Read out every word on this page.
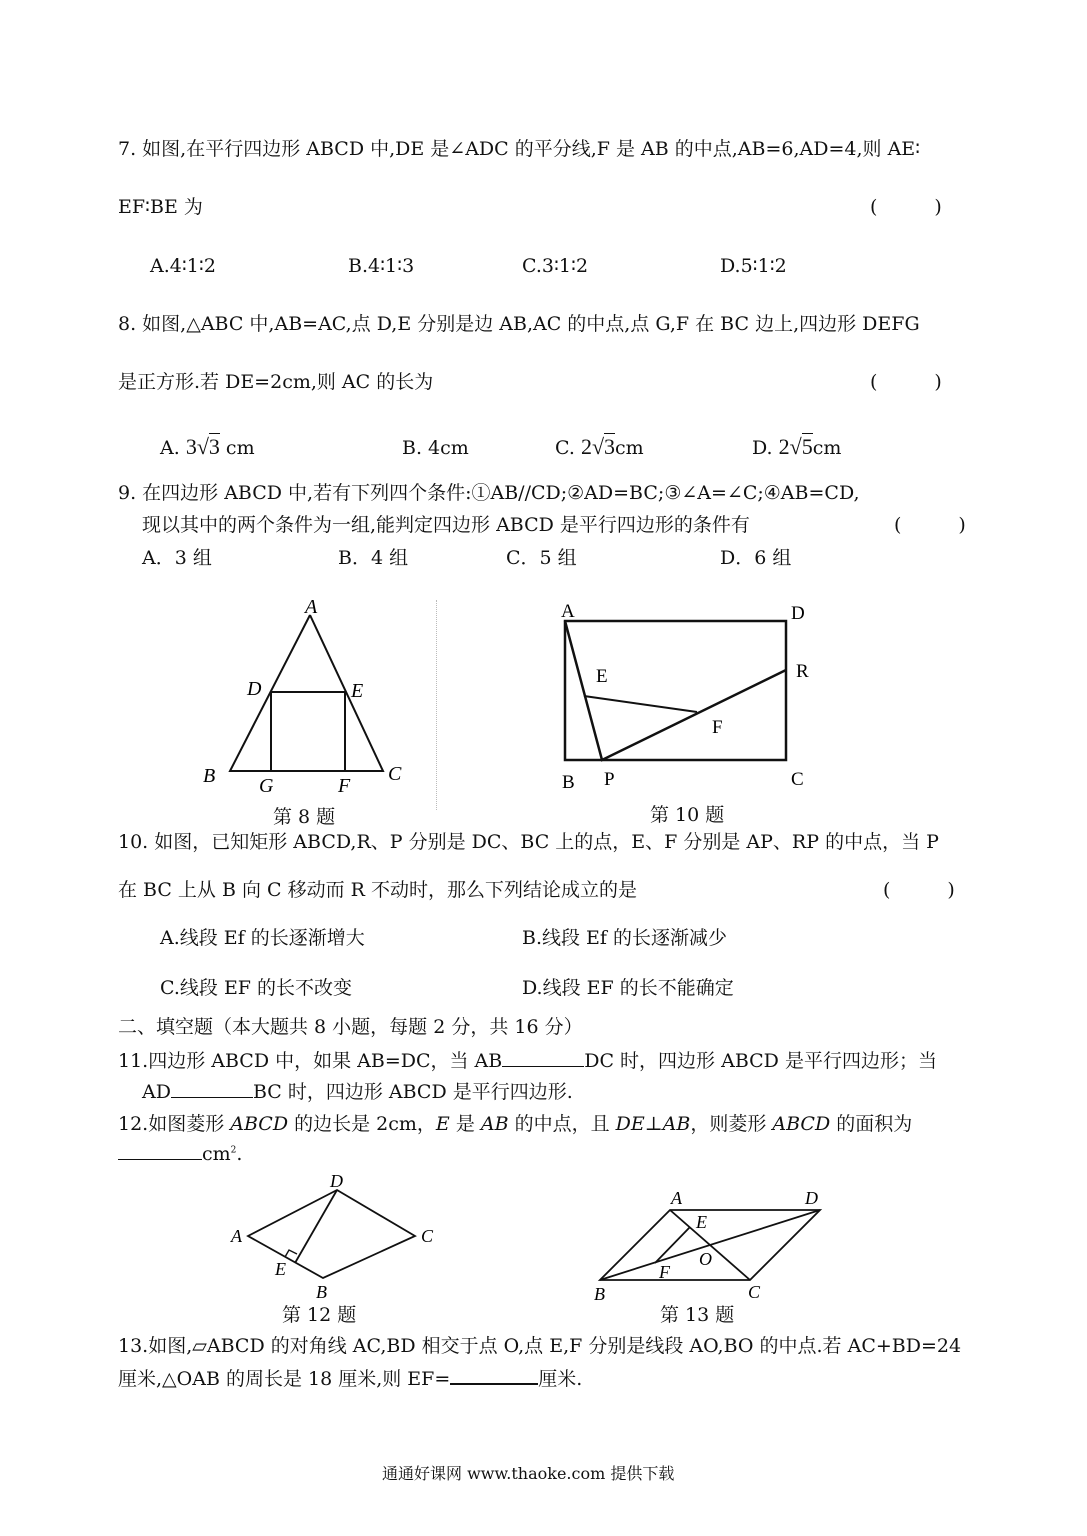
7. 如图,在平行四边形 ABCD 中,DE 是∠ADC 的平分线,F 是 AB 的中点,AB=6,AD=4,则 AE∶
EF∶BE 为	(　　　)
A.4∶1∶2	B.4∶1∶3	C.3∶1∶2	D.5∶1∶2
8. 如图,△ABC 中,AB=AC,点 D,E 分别是边 AB,AC 的中点,点 G,F 在 BC 边上,四边形 DEFG
是正方形.若 DE=2cm,则 AC 的长为	(　　　)
A. 3√3 cm	B. 4cm	C. 2√3cm	D. 2√5cm
9. 在四边形 ABCD 中,若有下列四个条件:①AB//CD;②AD=BC;③∠A=∠C;④AB=CD,
现以其中的两个条件为一组,能判定四边形 ABCD 是平行四边形的条件有	(　　　)
A．3 组	B．4 组	C．5 组	D．6 组
A
D	E
B G	F
C
第 8 题
A	D
E	R
F
B P	C
第 10 题
10. 如图，已知矩形 ABCD,R、P 分别是 DC、BC 上的点，E、F 分别是 AP、RP 的中点，当 P
在 BC 上从 B 向 C 移动而 R 不动时，那么下列结论成立的是	(　　　)
A.线段 Ef 的长逐渐增大	B.线段 Ef 的长逐渐减少
C.线段 EF 的长不改变	D.线段 EF 的长不能确定
二、填空题（本大题共 8 小题，每题 2 分，共 16 分）
11.四边形 ABCD 中，如果 AB=DC，当 AB	DC 时，四边形 ABCD 是平行四边形；当
AD	BC 时，四边形 ABCD 是平行四边形.
12.如图菱形 ABCD 的边长是 2cm，E 是 AB 的中点，且 DE⊥AB，则菱形 ABCD 的面积为
$cm^2$.
D
A	C
E
B
第 12 题
A	D
E
O
F
B	C
第 13 题
13.如图,▱ABCD 的对角线 AC,BD 相交于点 O,点 E,F 分别是线段 AO,BO 的中点.若 AC+BD=24
厘米,△OAB 的周长是 18 厘米,则 EF=	厘米.
通通好课网 www.thaoke.com 提供下载
